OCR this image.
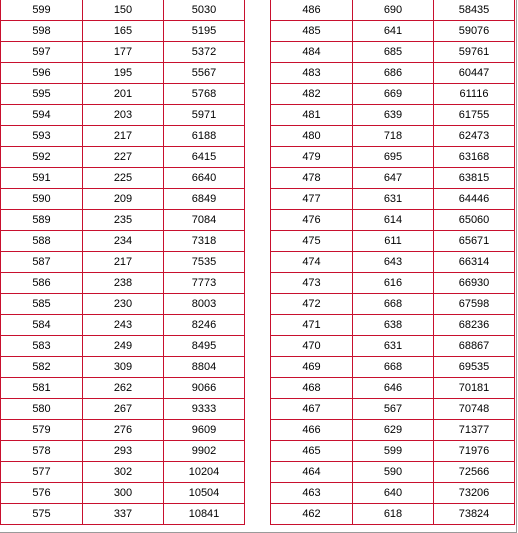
599	150	5030
598	165	5195
597	177	5372
596	195	5567
595	201	5768
594	203	5971
593	217	6188
592	227	6415
591	225	6640
590	209	6849
589	235	7084
588	234	7318
587	217	7535
586	238	7773
585	230	8003
584	243	8246
583	249	8495
582	309	8804
581	262	9066
580	267	9333
579	276	9609
578	293	9902
577	302	10204
576	300	10504
575	337	10841
486	690	58435
485	641	59076
484	685	59761
483	686	60447
482	669	61116
481	639	61755
480	718	62473
479	695	63168
478	647	63815
477	631	64446
476	614	65060
475	611	65671
474	643	66314
473	616	66930
472	668	67598
471	638	68236
470	631	68867
469	668	69535
468	646	70181
467	567	70748
466	629	71377
465	599	71976
464	590	72566
463	640	73206
462	618	73824
